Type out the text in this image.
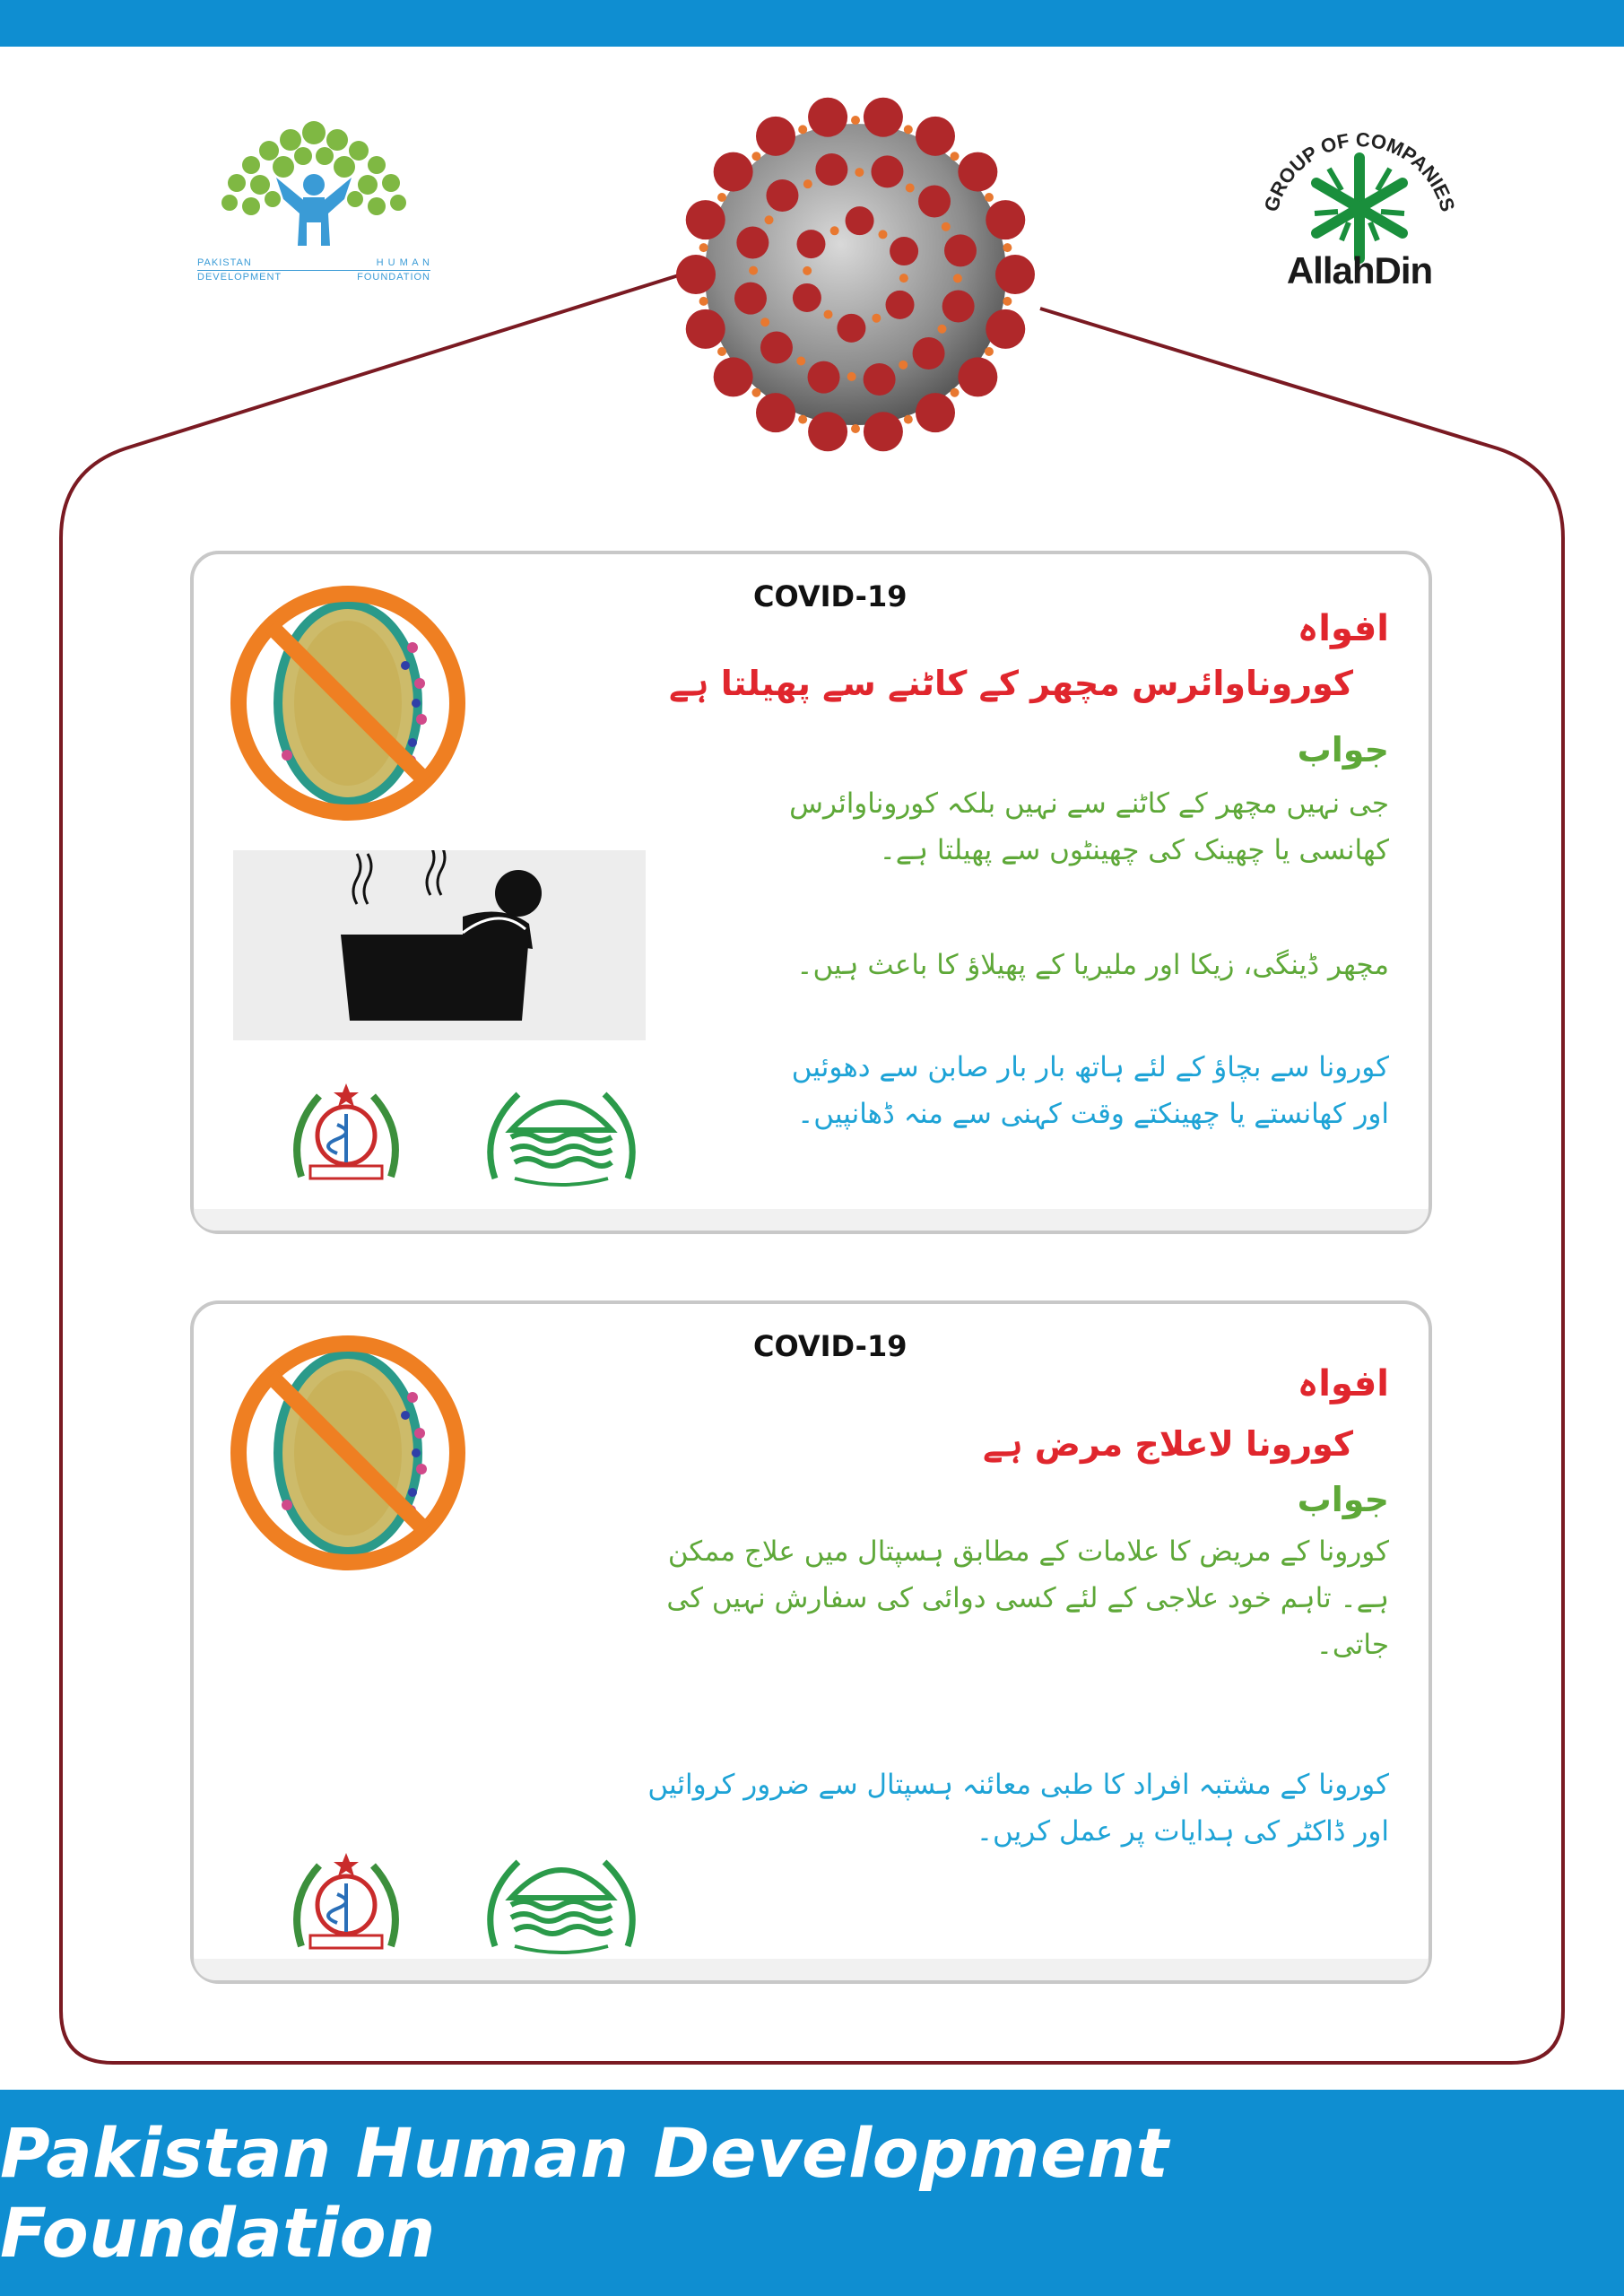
PAKISTAN	H U M A N
DEVELOPMENT	FOUNDATION
GROUP OF COMPANIES
AllahDin
COVID-19
افواہ
کوروناوائرس مچھر کے کاٹنے سے پھیلتا ہے
جواب
جی نہیں مچھر کے کاٹنے سے نہیں بلکہ کوروناوائرس
کھانسی یا چھینک کی چھینٹوں سے پھیلتا ہے۔
مچھر ڈینگی، زیکا اور ملیریا کے پھیلاؤ کا باعث ہیں۔
کورونا سے بچاؤ کے لئے ہاتھ بار بار صابن سے دھوئیں
اور کھانستے یا چھینکتے وقت کہنی سے منہ ڈھانپیں۔
COVID-19
افواہ
کورونا لاعلاج مرض ہے
جواب
کورونا کے مریض کا علامات کے مطابق ہسپتال میں علاج ممکن
ہے۔ تاہم خود علاجی کے لئے کسی دوائی کی سفارش نہیں کی
جاتی۔
کورونا کے مشتبہ افراد کا طبی معائنہ ہسپتال سے ضرور کروائیں
اور ڈاکٹر کی ہدایات پر عمل کریں۔
Pakistan Human Development Foundation
